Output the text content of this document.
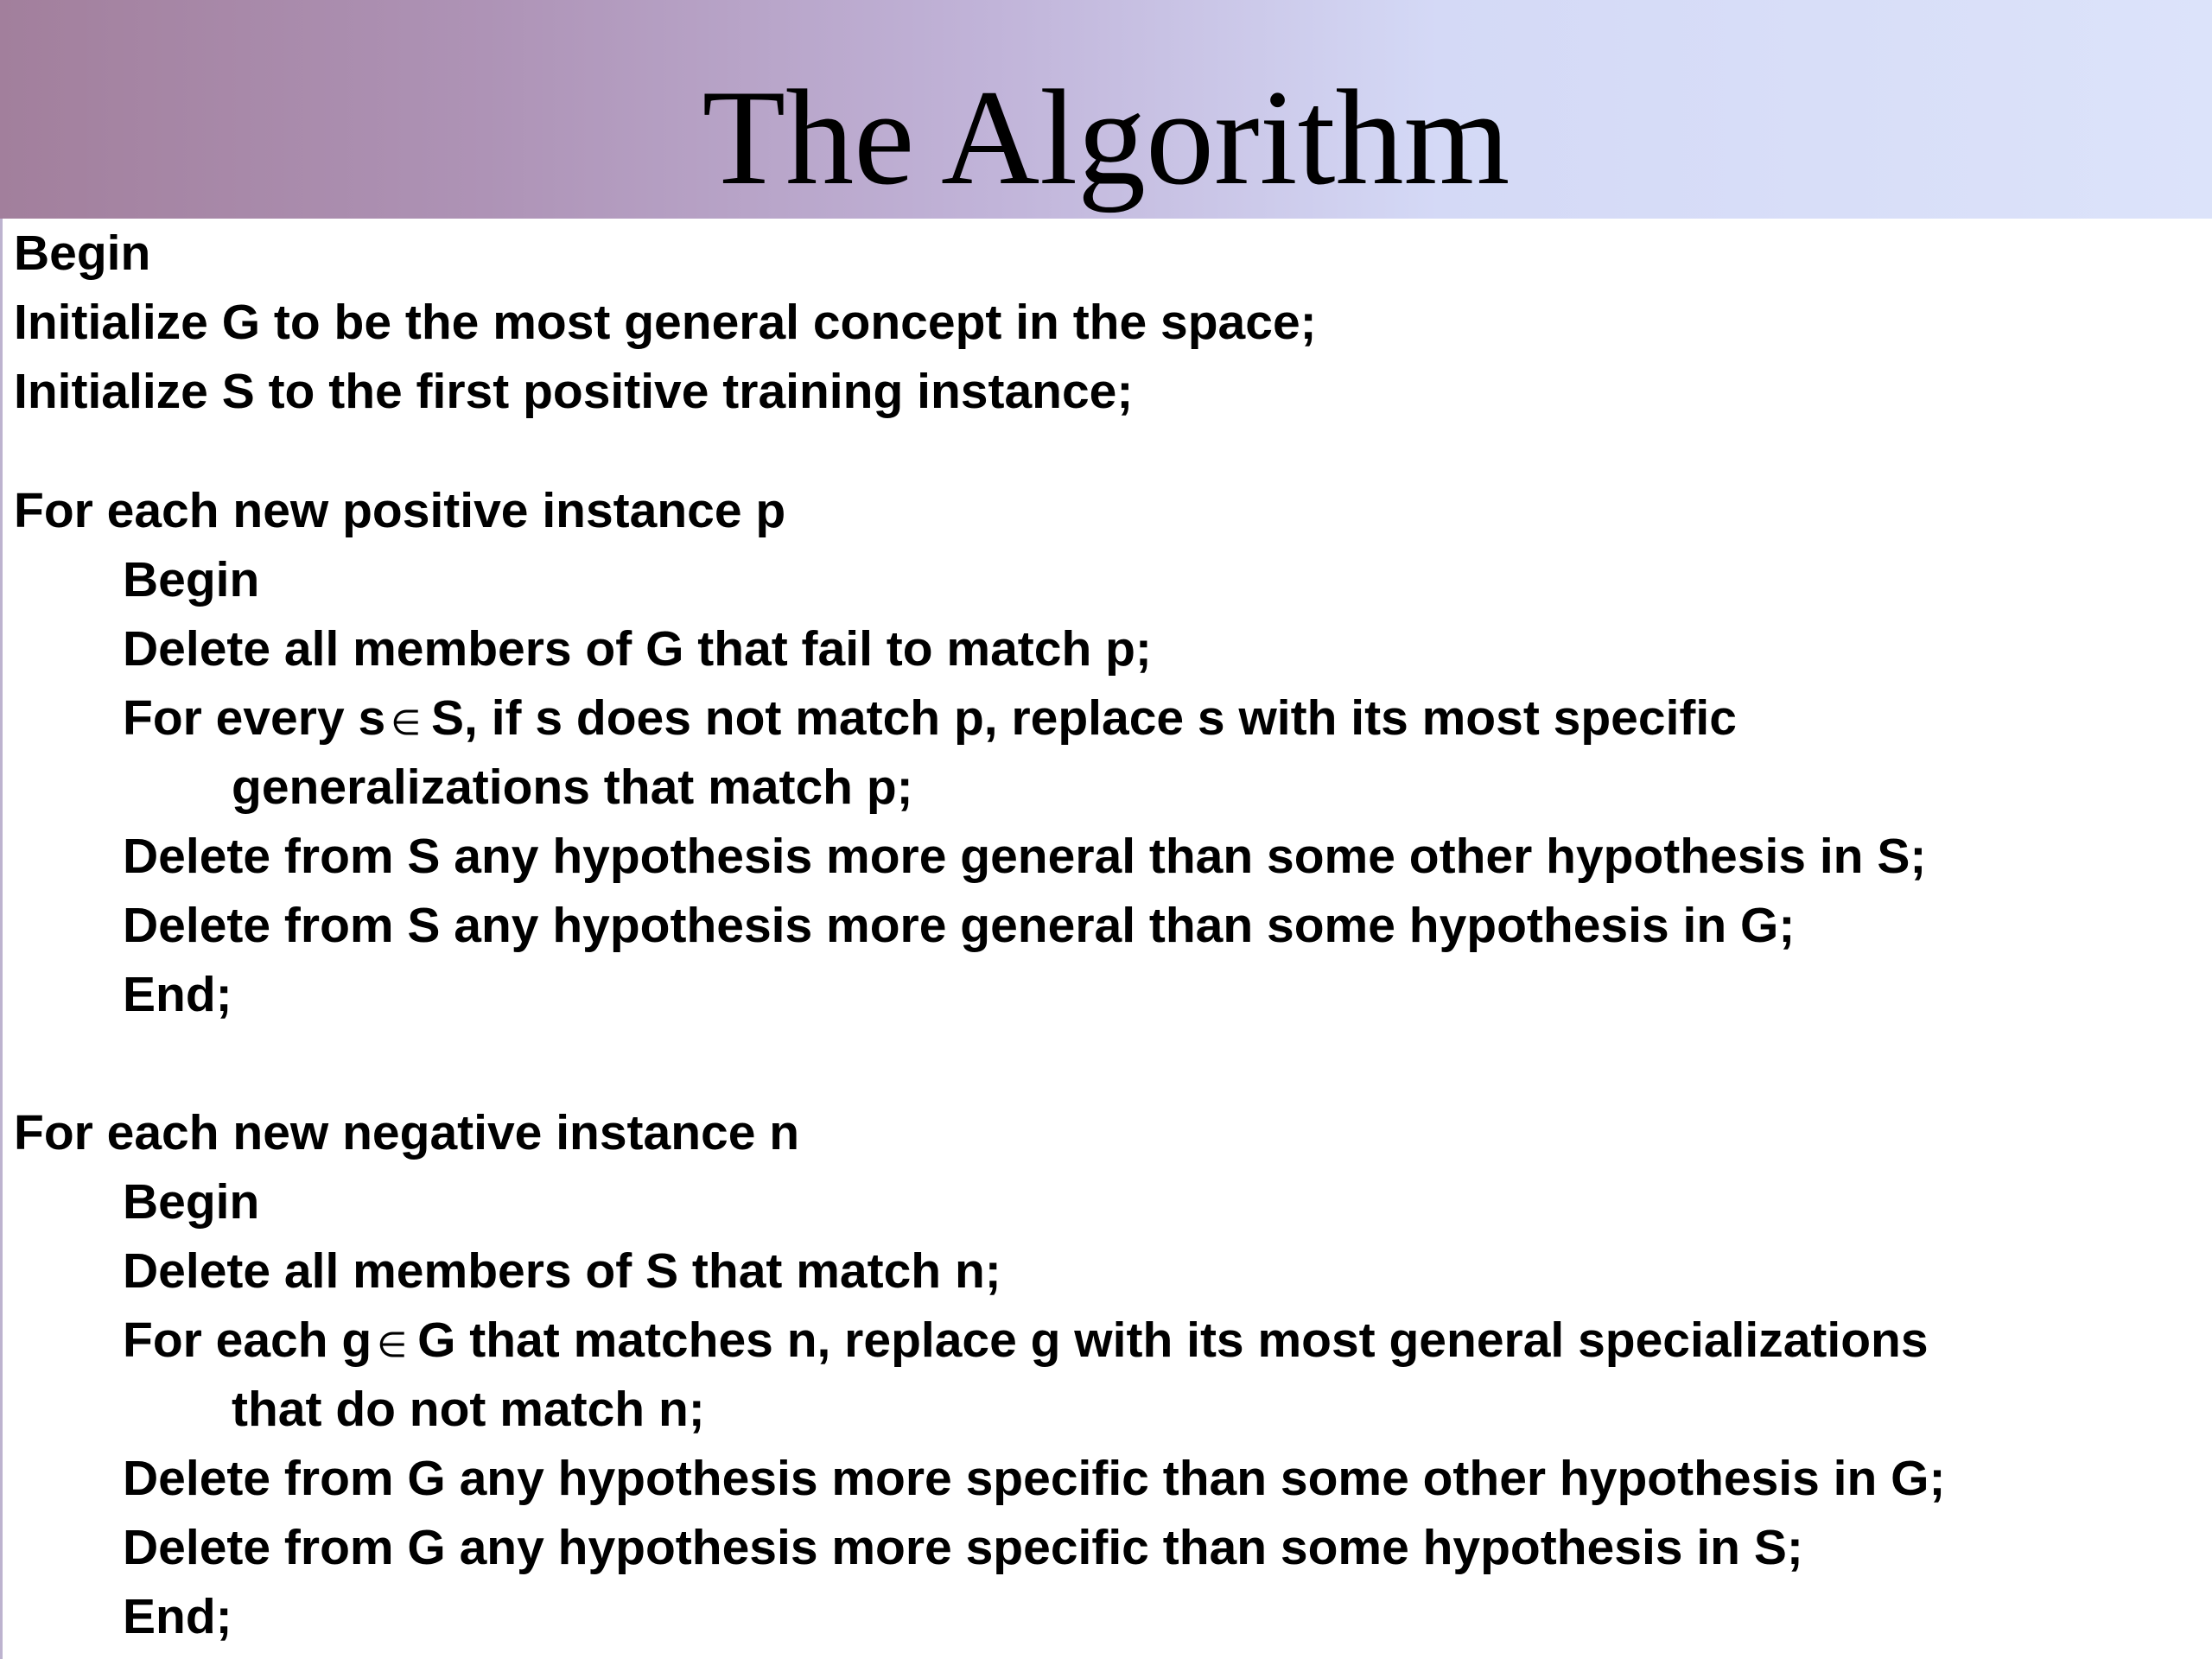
The Algorithm
Begin
Initialize G to be the most general concept in the space;
Initialize S to the first positive training instance;
For each new positive instance p
Begin
Delete all members of G that fail to match p;
For every s ∈ S, if s does not match p, replace s with its most specific
generalizations that match p;
Delete from S any hypothesis more general than some other hypothesis in S;
Delete from S any hypothesis more general than some hypothesis in G;
End;
For each new negative instance n
Begin
Delete all members of S that match n;
For each g ∈ G that matches n, replace g with its most general specializations
that do not match n;
Delete from G any hypothesis more specific than some other hypothesis in G;
Delete from G any hypothesis more specific than some hypothesis in S;
End;
